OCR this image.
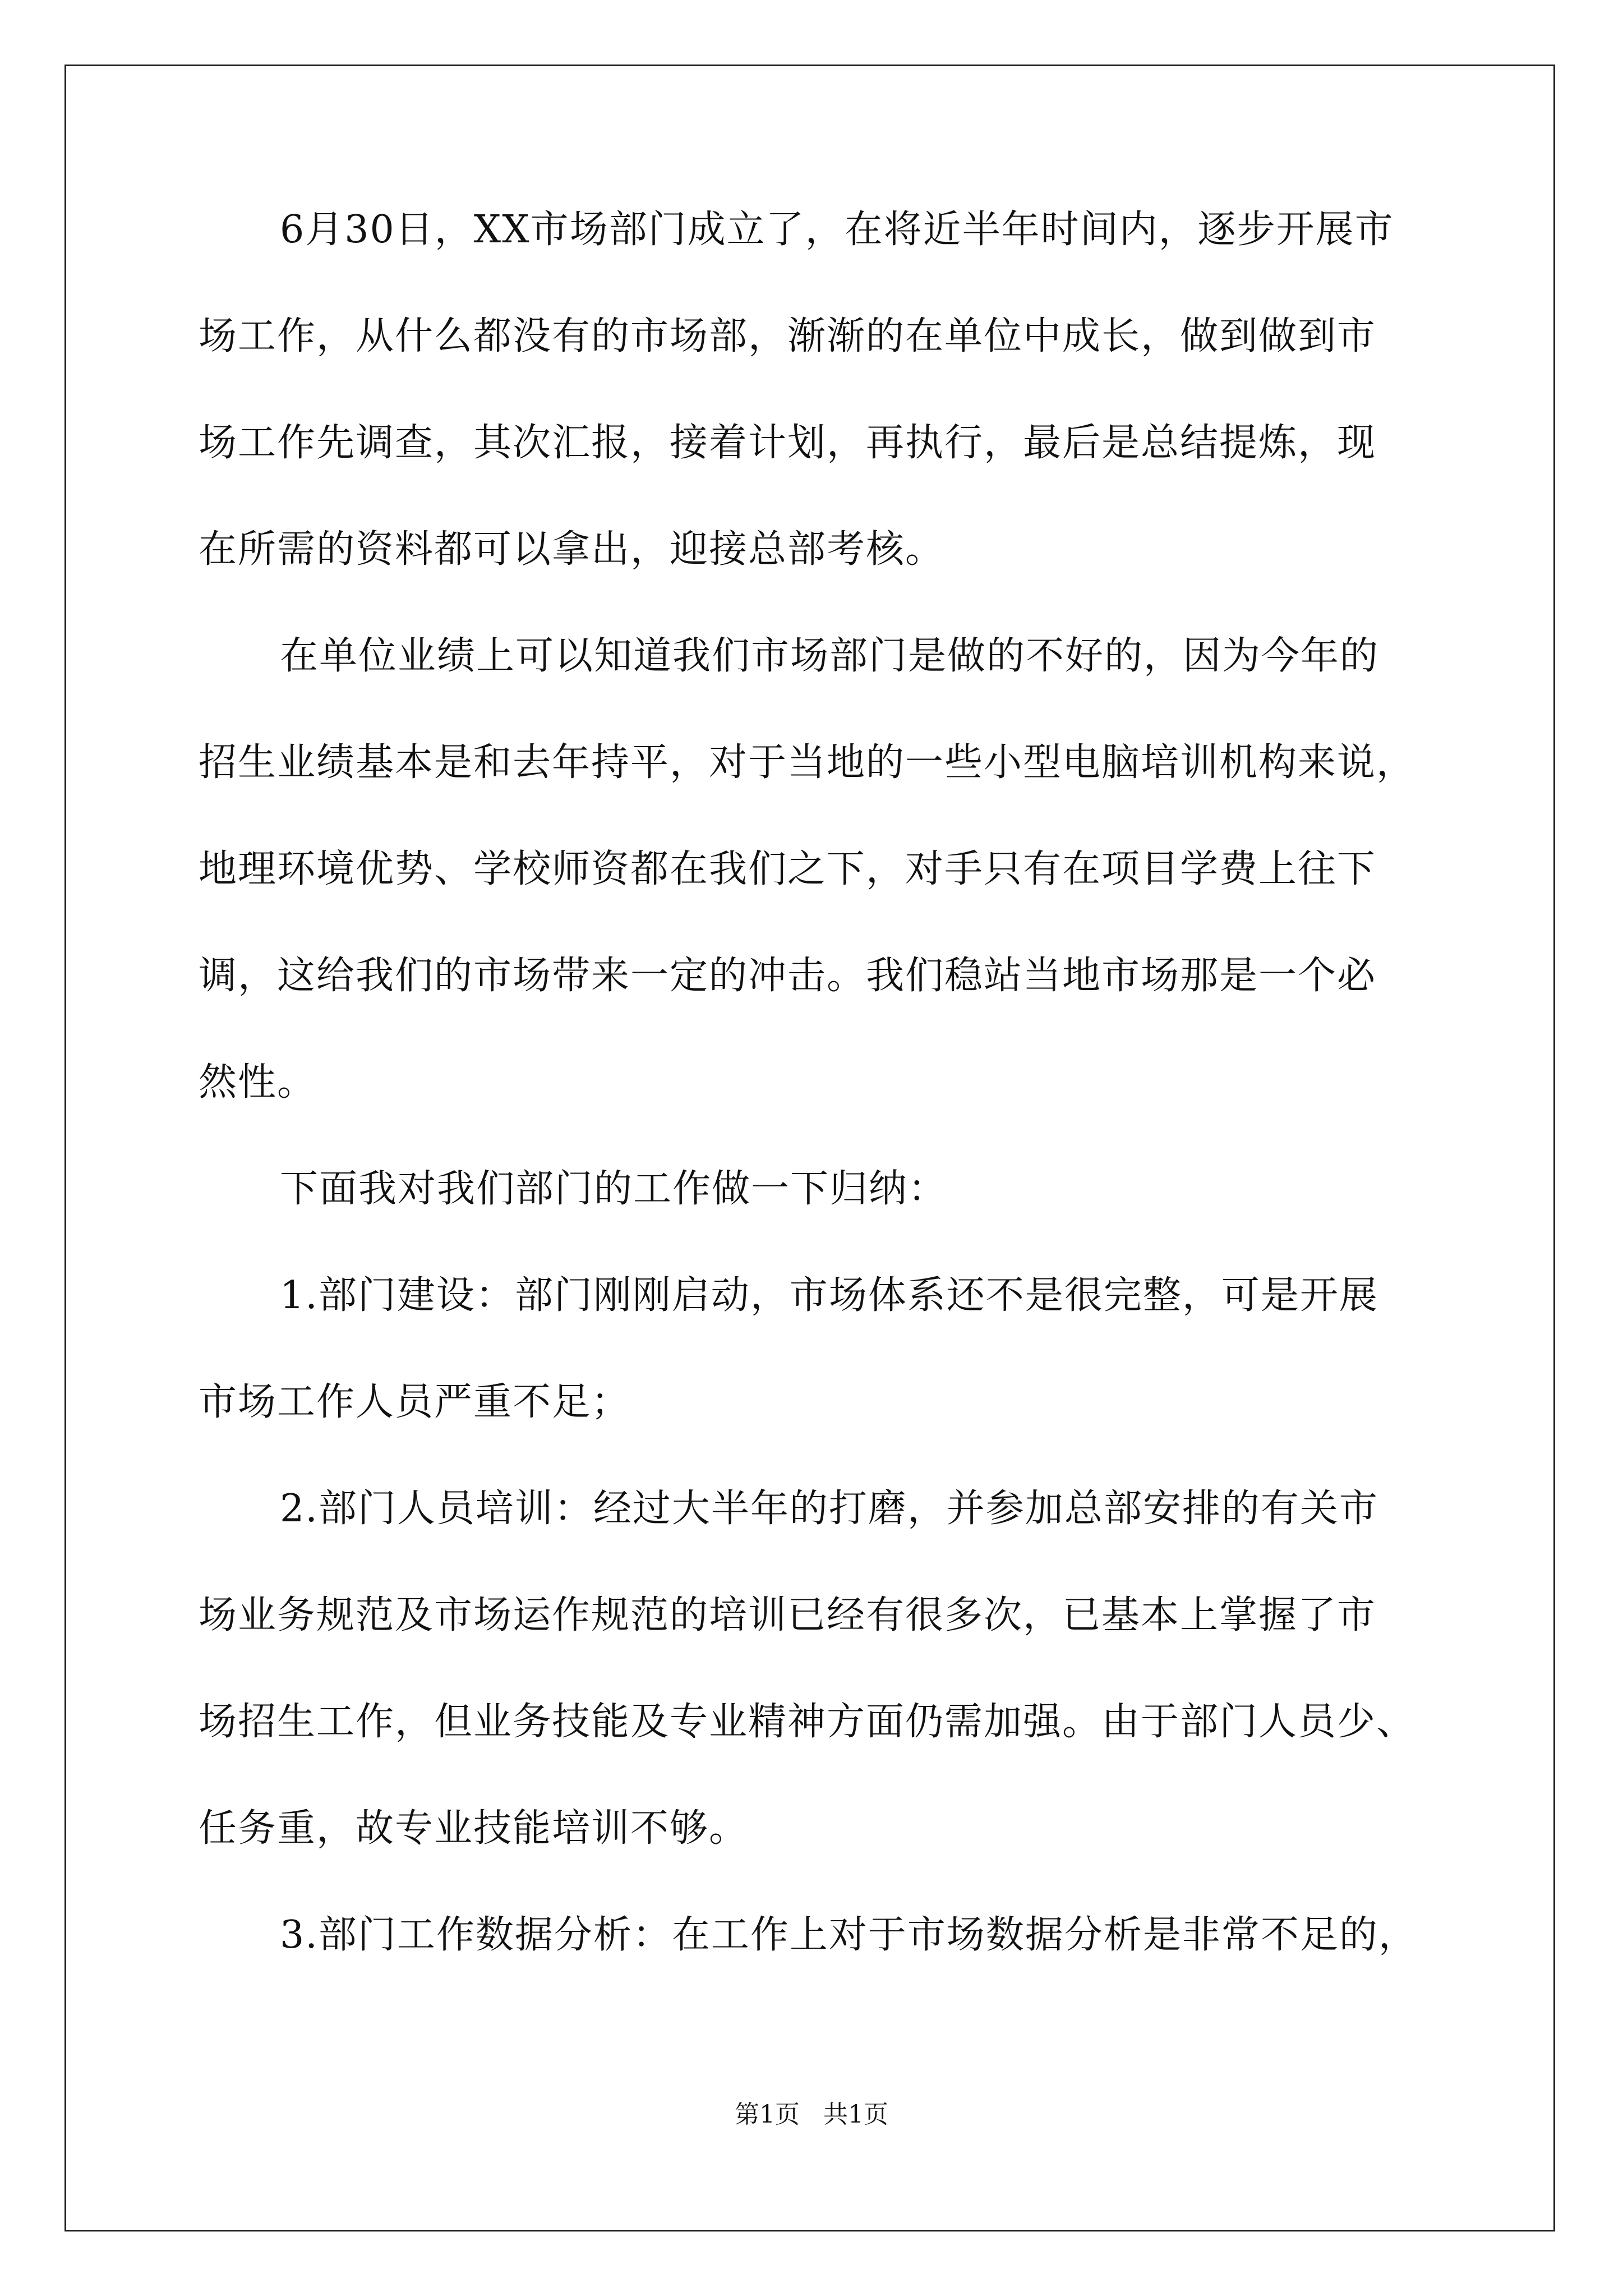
6月30日，XX市场部门成立了，在将近半年时间内，逐步开展市
场工作，从什么都没有的市场部，渐渐的在单位中成长，做到做到市
场工作先调查，其次汇报，接着计划，再执行，最后是总结提炼，现
在所需的资料都可以拿出，迎接总部考核。
在单位业绩上可以知道我们市场部门是做的不好的，因为今年的
招生业绩基本是和去年持平，对于当地的一些小型电脑培训机构来说，
地理环境优势、学校师资都在我们之下，对手只有在项目学费上往下
调，这给我们的市场带来一定的冲击。我们稳站当地市场那是一个必
然性。
下面我对我们部门的工作做一下归纳：
1.部门建设：部门刚刚启动，市场体系还不是很完整，可是开展
市场工作人员严重不足；
2.部门人员培训：经过大半年的打磨，并参加总部安排的有关市
场业务规范及市场运作规范的培训已经有很多次，已基本上掌握了市
场招生工作，但业务技能及专业精神方面仍需加强。由于部门人员少、
任务重，故专业技能培训不够。
3.部门工作数据分析：在工作上对于市场数据分析是非常不足的，
第1页   共1页
